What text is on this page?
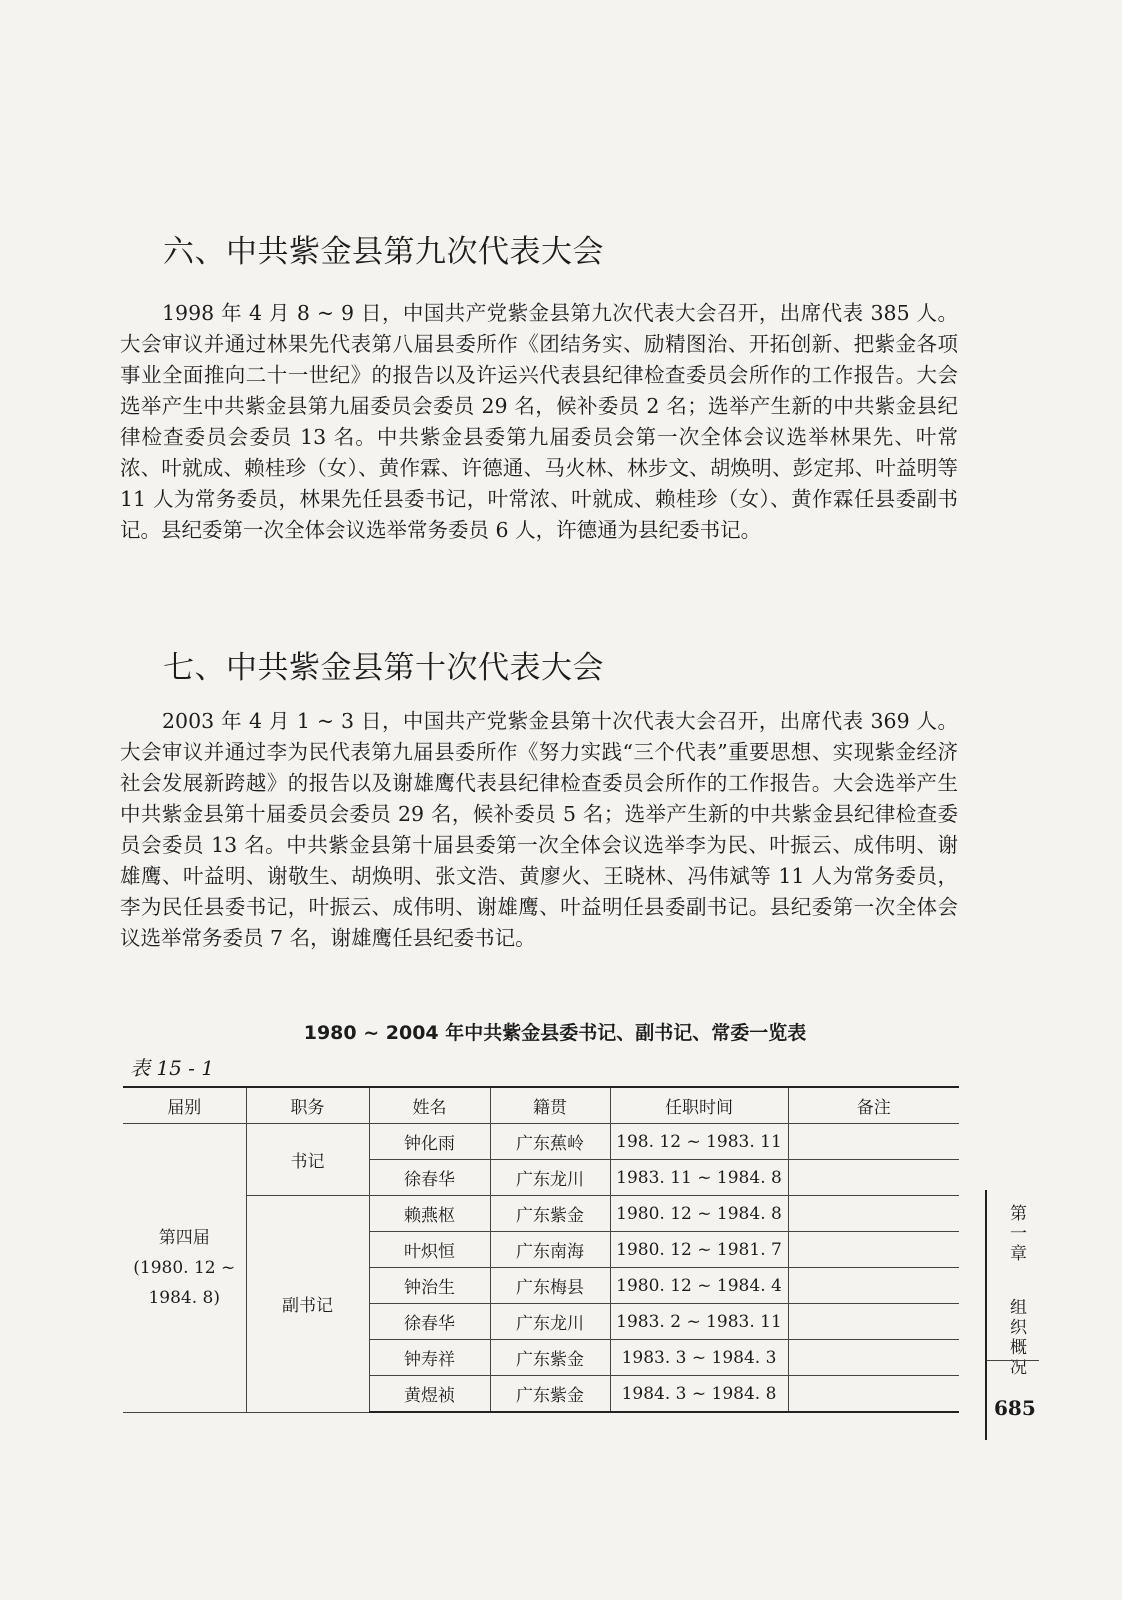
六、中共紫金县第九次代表大会

1998 年 4 月 8 ~ 9 日，中国共产党紫金县第九次代表大会召开，出席代表 385 人。大会审议并通过林果先代表第八届县委所作《团结务实、励精图治、开拓创新、把紫金各项事业全面推向二十一世纪》的报告以及许运兴代表县纪律检查委员会所作的工作报告。大会选举产生中共紫金县第九届委员会委员 29 名，候补委员 2 名；选举产生新的中共紫金县纪律检查委员会委员 13 名。中共紫金县委第九届委员会第一次全体会议选举林果先、叶常浓、叶就成、赖桂珍（女）、黄作霖、许德通、马火林、林步文、胡焕明、彭定邦、叶益明等 11 人为常务委员，林果先任县委书记，叶常浓、叶就成、赖桂珍（女）、黄作霖任县委副书记。县纪委第一次全体会议选举常务委员 6 人，许德通为县纪委书记。

七、中共紫金县第十次代表大会

2003 年 4 月 1 ~ 3 日，中国共产党紫金县第十次代表大会召开，出席代表 369 人。大会审议并通过李为民代表第九届县委所作《努力实践“三个代表”重要思想、实现紫金经济社会发展新跨越》的报告以及谢雄鹰代表县纪律检查委员会所作的工作报告。大会选举产生中共紫金县第十届委员会委员 29 名，候补委员 5 名；选举产生新的中共紫金县纪律检查委员会委员 13 名。中共紫金县第十届县委第一次全体会议选举李为民、叶振云、成伟明、谢雄鹰、叶益明、谢敬生、胡焕明、张文浩、黄廖火、王晓林、冯伟斌等 11 人为常务委员，李为民任县委书记，叶振云、成伟明、谢雄鹰、叶益明任县委副书记。县纪委第一次全体会议选举常务委员 7 名，谢雄鹰任县纪委书记。

1980 ~ 2004 年中共紫金县委书记、副书记、常委一览表
表 15 - 1
届别	职务	姓名	籍贯	任职时间	备注
第四届
(1980. 12 ~
1984. 8)	书记	钟化雨	广东蕉岭	198. 12 ~ 1983. 11	
		徐春华	广东龙川	1983. 11 ~ 1984. 8	
	副书记	赖燕枢	广东紫金	1980. 12 ~ 1984. 8	
		叶炽恒	广东南海	1980. 12 ~ 1981. 7	
		钟治生	广东梅县	1980. 12 ~ 1984. 4	
		徐春华	广东龙川	1983. 2 ~ 1983. 11	
		钟寿祥	广东紫金	1983. 3 ~ 1984. 3	
		黄煜祯	广东紫金	1984. 3 ~ 1984. 8	
第一章
组织概况
685
